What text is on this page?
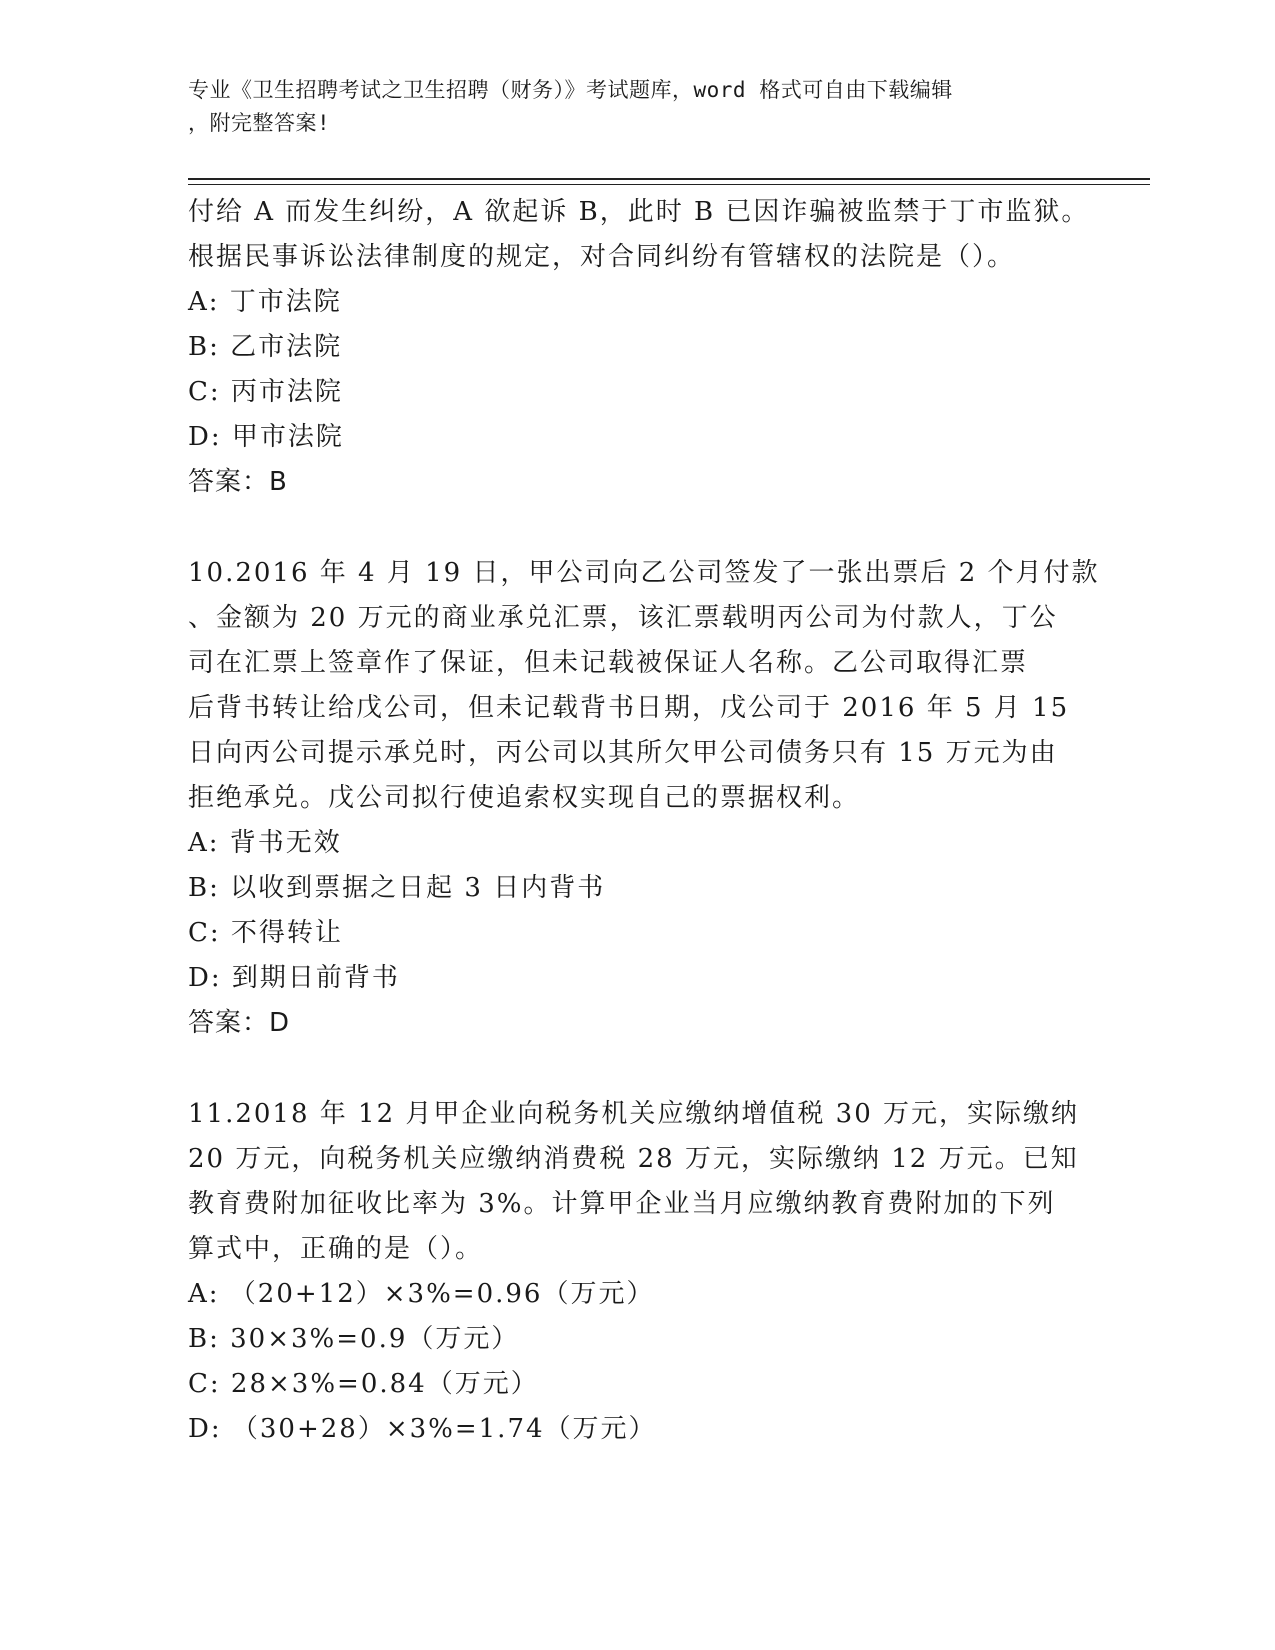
专业《卫生招聘考试之卫生招聘（财务）》考试题库，word 格式可自由下载编辑
，附完整答案!
付给 A 而发生纠纷，A 欲起诉 B，此时 B 已因诈骗被监禁于丁市监狱。
根据民事诉讼法律制度的规定，对合同纠纷有管辖权的法院是（）。
A: 丁市法院
B: 乙市法院
C: 丙市法院
D: 甲市法院
答案：B
10.2016 年 4 月 19 日，甲公司向乙公司签发了一张出票后 2 个月付款
、金额为 20 万元的商业承兑汇票，该汇票载明丙公司为付款人，丁公
司在汇票上签章作了保证，但未记载被保证人名称。乙公司取得汇票
后背书转让给戊公司，但未记载背书日期，戊公司于 2016 年 5 月 15
日向丙公司提示承兑时，丙公司以其所欠甲公司债务只有 15 万元为由
拒绝承兑。戊公司拟行使追索权实现自己的票据权利。
A: 背书无效
B: 以收到票据之日起 3 日内背书
C: 不得转让
D: 到期日前背书
答案：D
11.2018 年 12 月甲企业向税务机关应缴纳增值税 30 万元，实际缴纳
20 万元，向税务机关应缴纳消费税 28 万元，实际缴纳 12 万元。已知
教育费附加征收比率为 3%。计算甲企业当月应缴纳教育费附加的下列
算式中，正确的是（）。
A: （20+12）×3%=0.96（万元）
B: 30×3%=0.9（万元）
C: 28×3%=0.84（万元）
D: （30+28）×3%=1.74（万元）
